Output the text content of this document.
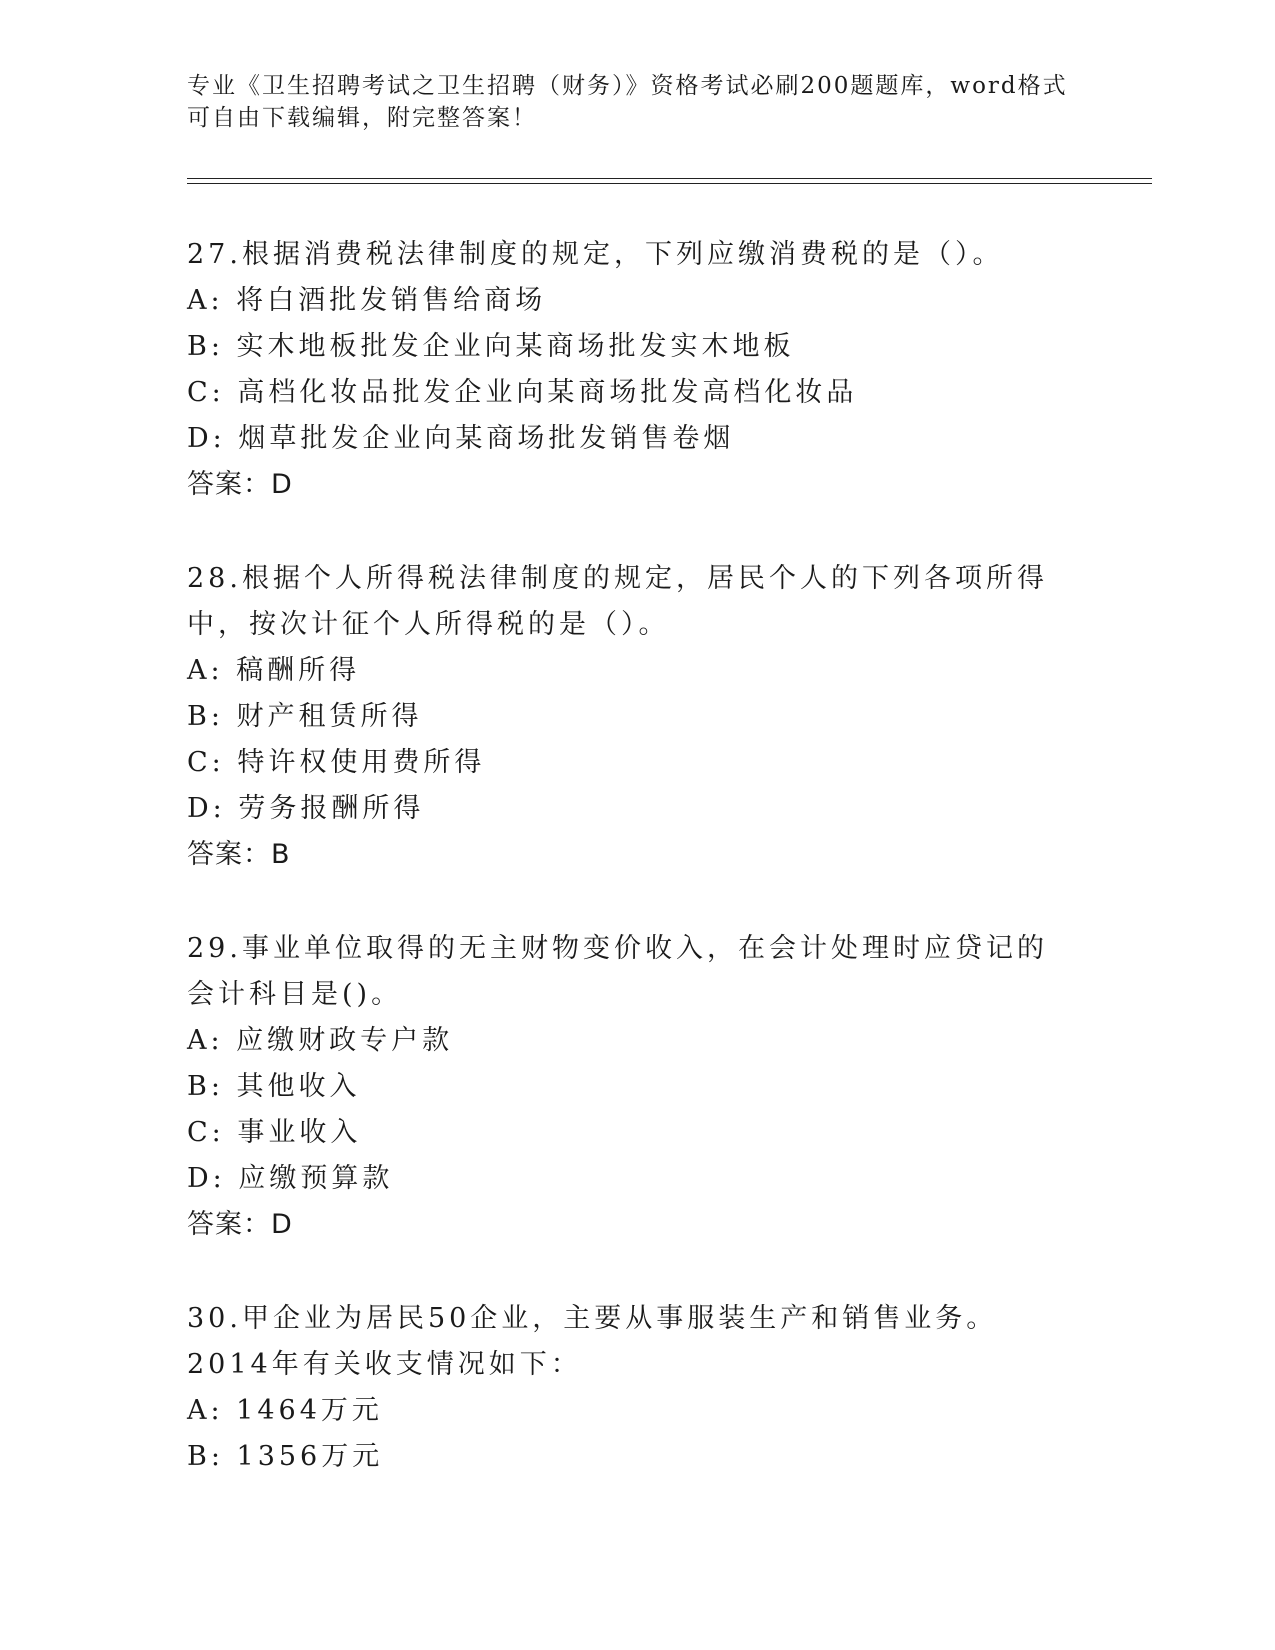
专业《卫生招聘考试之卫生招聘（财务）》资格考试必刷200题题库，word格式可自由下载编辑，附完整答案！
27.根据消费税法律制度的规定，下列应缴消费税的是（）。
A: 将白酒批发销售给商场
B: 实木地板批发企业向某商场批发实木地板
C: 高档化妆品批发企业向某商场批发高档化妆品
D: 烟草批发企业向某商场批发销售卷烟
答案：D
28.根据个人所得税法律制度的规定，居民个人的下列各项所得中，按次计征个人所得税的是（）。
A: 稿酬所得
B: 财产租赁所得
C: 特许权使用费所得
D: 劳务报酬所得
答案：B
29.事业单位取得的无主财物变价收入，在会计处理时应贷记的会计科目是()。
A: 应缴财政专户款
B: 其他收入
C: 事业收入
D: 应缴预算款
答案：D
30.甲企业为居民50企业，主要从事服装生产和销售业务。2014年有关收支情况如下：
A: 1464万元
B: 1356万元
